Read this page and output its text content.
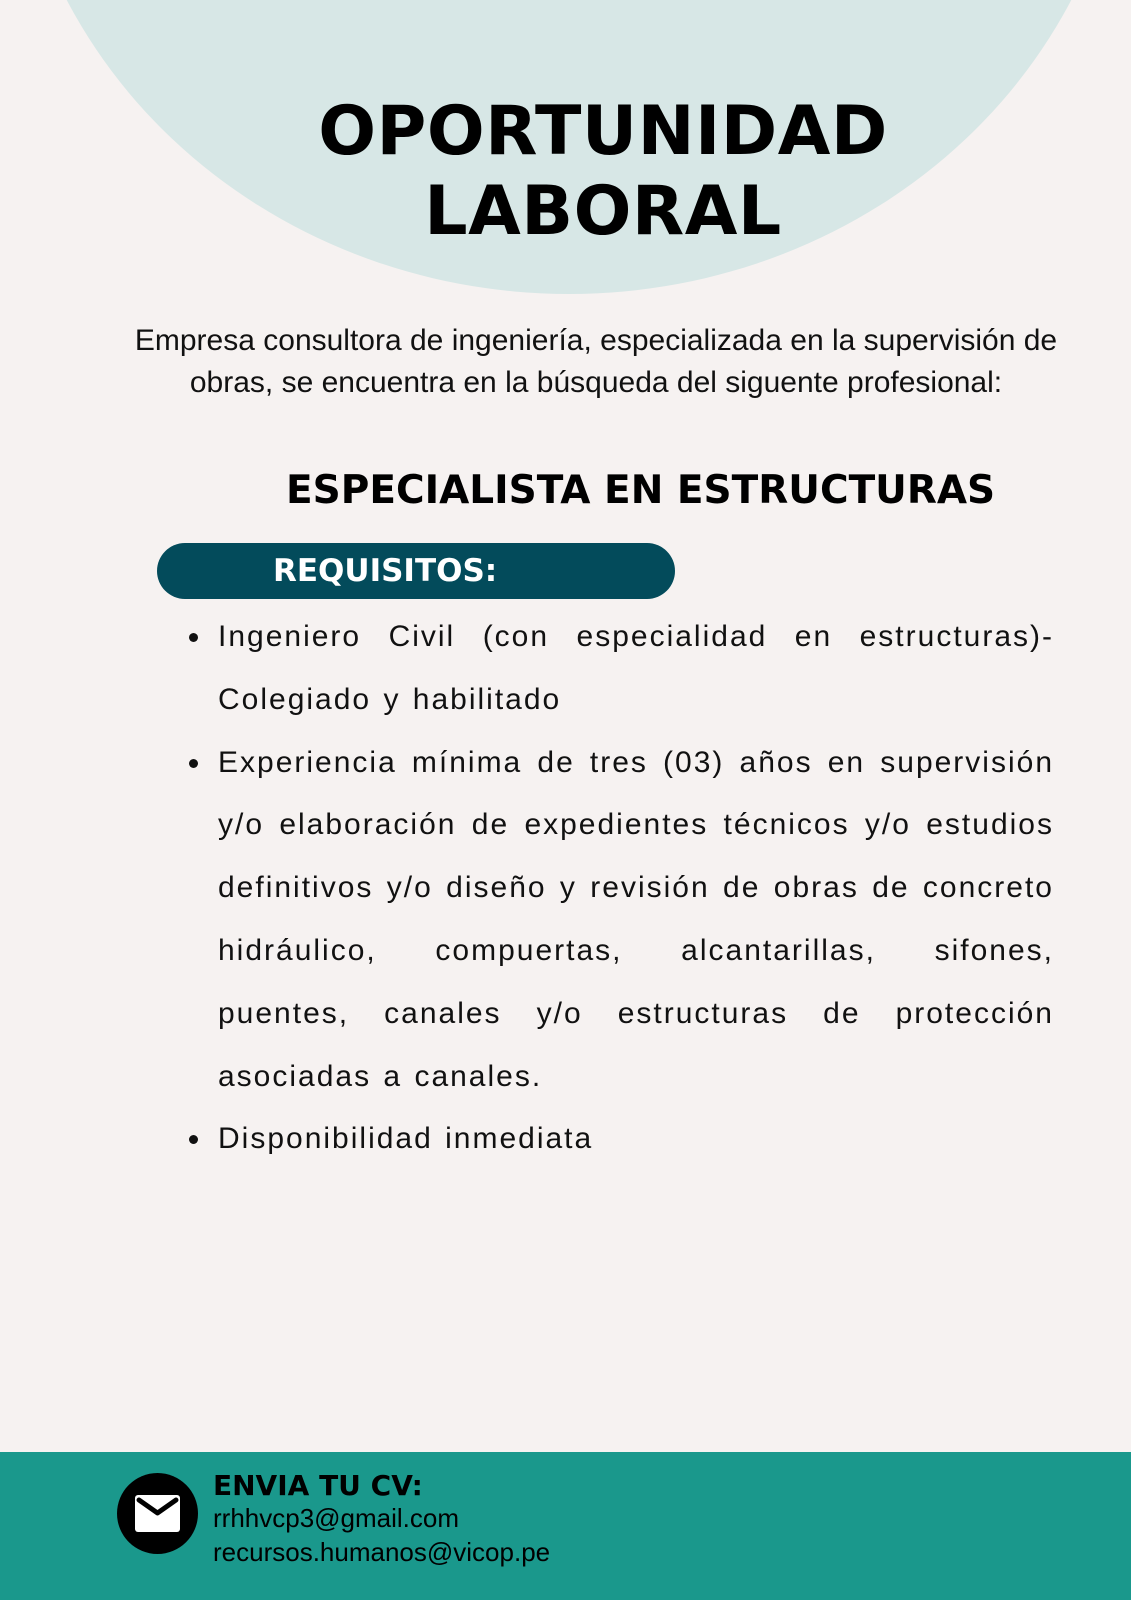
OPORTUNIDAD
LABORAL

Empresa consultora de ingeniería, especializada en la supervisión de obras, se encuentra en la búsqueda del siguente profesional:

ESPECIALISTA EN ESTRUCTURAS
REQUISITOS:
Ingeniero Civil (con especialidad en estructuras)- Colegiado y habilitado
Experiencia mínima de tres (03) años en supervisión y/o elaboración de expedientes técnicos y/o estudios definitivos y/o diseño y revisión de obras de concreto hidráulico, compuertas, alcantarillas, sifones, puentes, canales y/o estructuras de protección asociadas a canales.
Disponibilidad inmediata
ENVIA TU CV:
rrhhvcp3@gmail.com
recursos.humanos@vicop.pe
